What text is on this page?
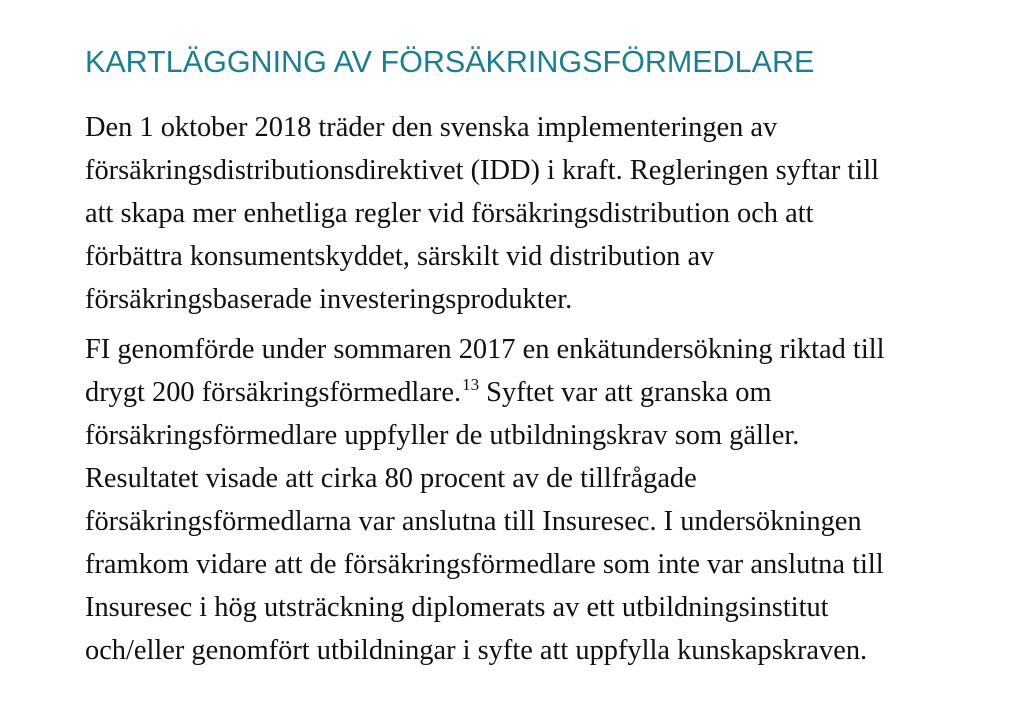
KARTLÄGGNING AV FÖRSÄKRINGSFÖRMEDLARE

Den 1 oktober 2018 träder den svenska implementeringen av
försäkringsdistributionsdirektivet (IDD) i kraft. Regleringen syftar till
att skapa mer enhetliga regler vid försäkringsdistribution och att
förbättra konsumentskyddet, särskilt vid distribution av
försäkringsbaserade investeringsprodukter.

FI genomförde under sommaren 2017 en enkätundersökning riktad till
drygt 200 försäkringsförmedlare.$^{13}$ Syftet var att granska om
försäkringsförmedlare uppfyller de utbildningskrav som gäller.
Resultatet visade att cirka 80 procent av de tillfrågade
försäkringsförmedlarna var anslutna till Insuresec. I undersökningen
framkom vidare att de försäkringsförmedlare som inte var anslutna till
Insuresec i hög utsträckning diplomerats av ett utbildningsinstitut
och/eller genomfört utbildningar i syfte att uppfylla kunskapskraven.
